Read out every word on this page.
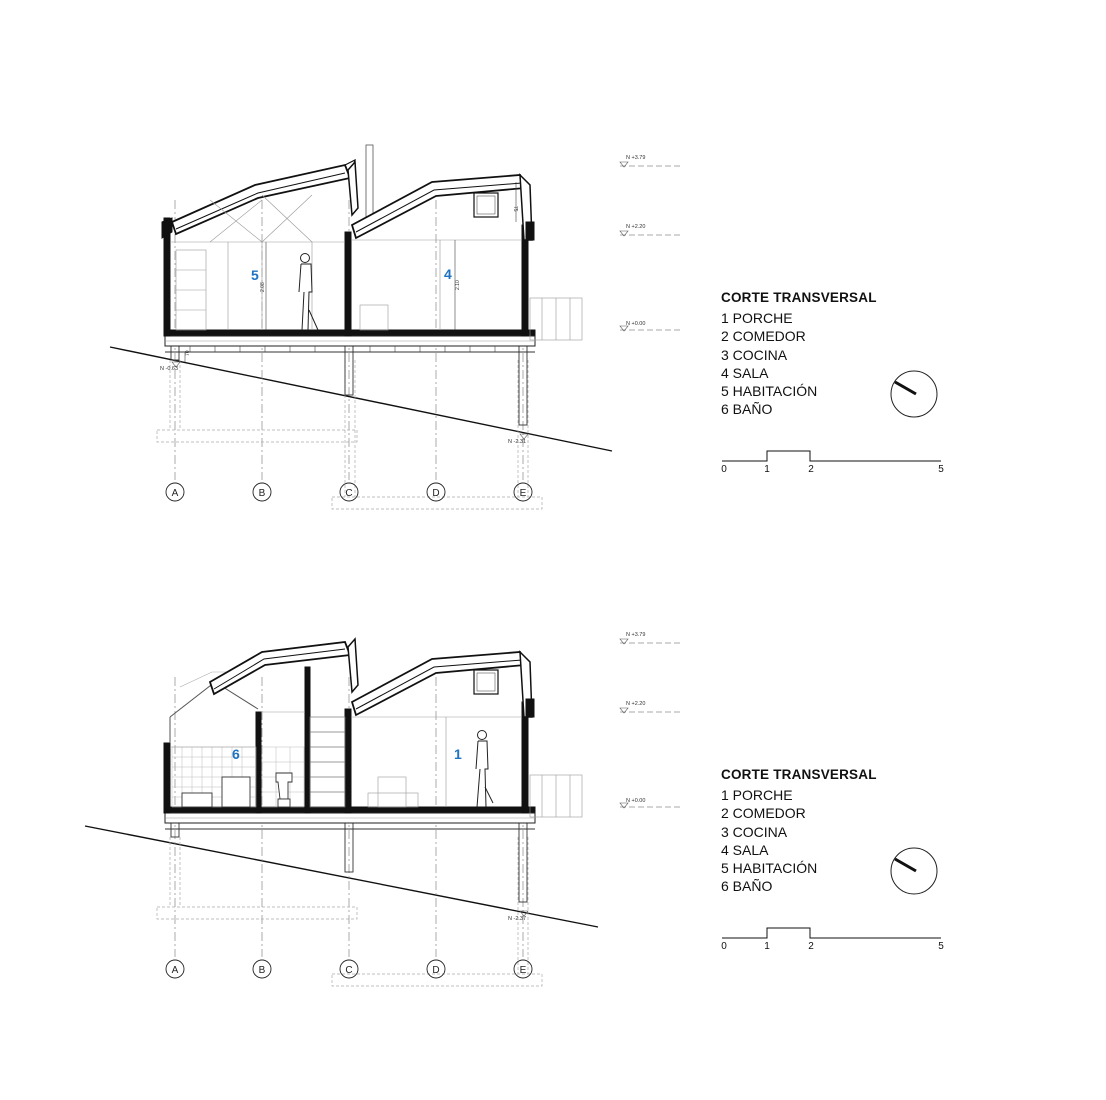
5	4
N +3.79
N +2.20
N +0.00
N -0.63
N -2.31
2.08	2.10
75
70
A	B	C	D	E
0	1	2	5
CORTE TRANSVERSAL
1 PORCHE
2 COMEDOR
3 COCINA
4 SALA
5 HABITACIÓN
6 BAÑO
6	1
N +3.79
N +2.20
N +0.00
N -2.37
A	B	C	D	E
0	1	2	5
CORTE TRANSVERSAL
1 PORCHE
2 COMEDOR
3 COCINA
4 SALA
5 HABITACIÓN
6 BAÑO
